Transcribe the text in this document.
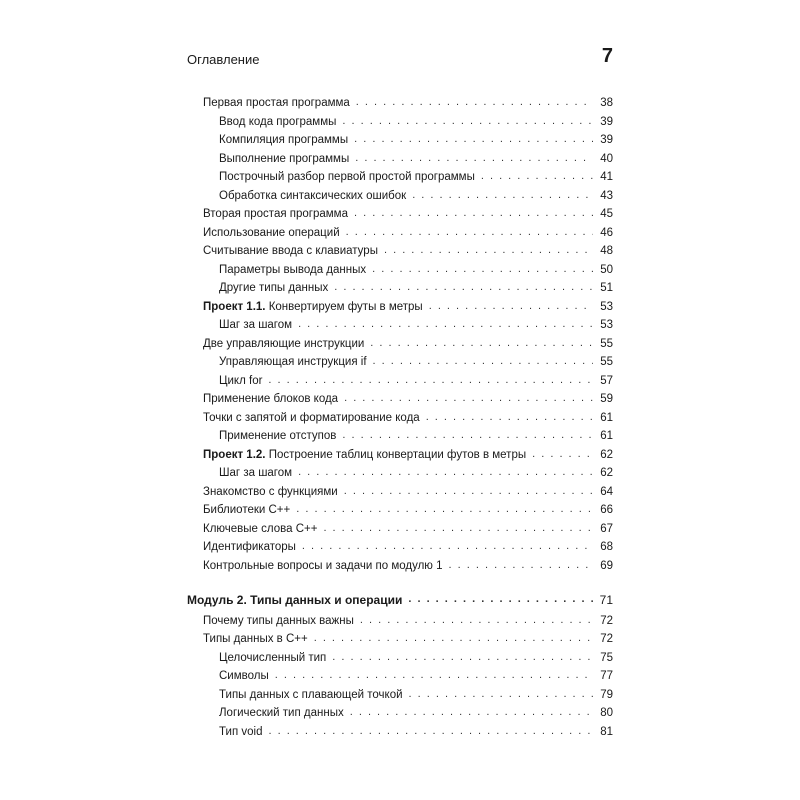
Оглавление	7
Первая простая программа . . .	38
Ввод кода программы . . .	39
Компиляция программы . . .	39
Выполнение программы . . .	40
Построчный разбор первой простой программы . . .	41
Обработка синтаксических ошибок . . .	43
Вторая простая программа . . .	45
Использование операций . . .	46
Считывание ввода с клавиатуры . . .	48
Параметры вывода данных . . .	50
Другие типы данных . . .	51
Проект 1.1. Конвертируем футы в метры . . .	53
Шаг за шагом . . .	53
Две управляющие инструкции . . .	55
Управляющая инструкция if . . .	55
Цикл for . . .	57
Применение блоков кода . . .	59
Точки с запятой и форматирование кода . . .	61
Применение отступов . . .	61
Проект 1.2. Построение таблиц конвертации футов в метры . . .	62
Шаг за шагом . . .	62
Знакомство с функциями . . .	64
Библиотеки C++ . . .	66
Ключевые слова C++ . . .	67
Идентификаторы . . .	68
Контрольные вопросы и задачи по модулю 1 . . .	69
Модуль 2. Типы данных и операции . . .	71
Почему типы данных важны . . .	72
Типы данных в C++ . . .	72
Целочисленный тип . . .	75
Символы . . .	77
Типы данных с плавающей точкой . . .	79
Логический тип данных . . .	80
Тип void . . .	81
